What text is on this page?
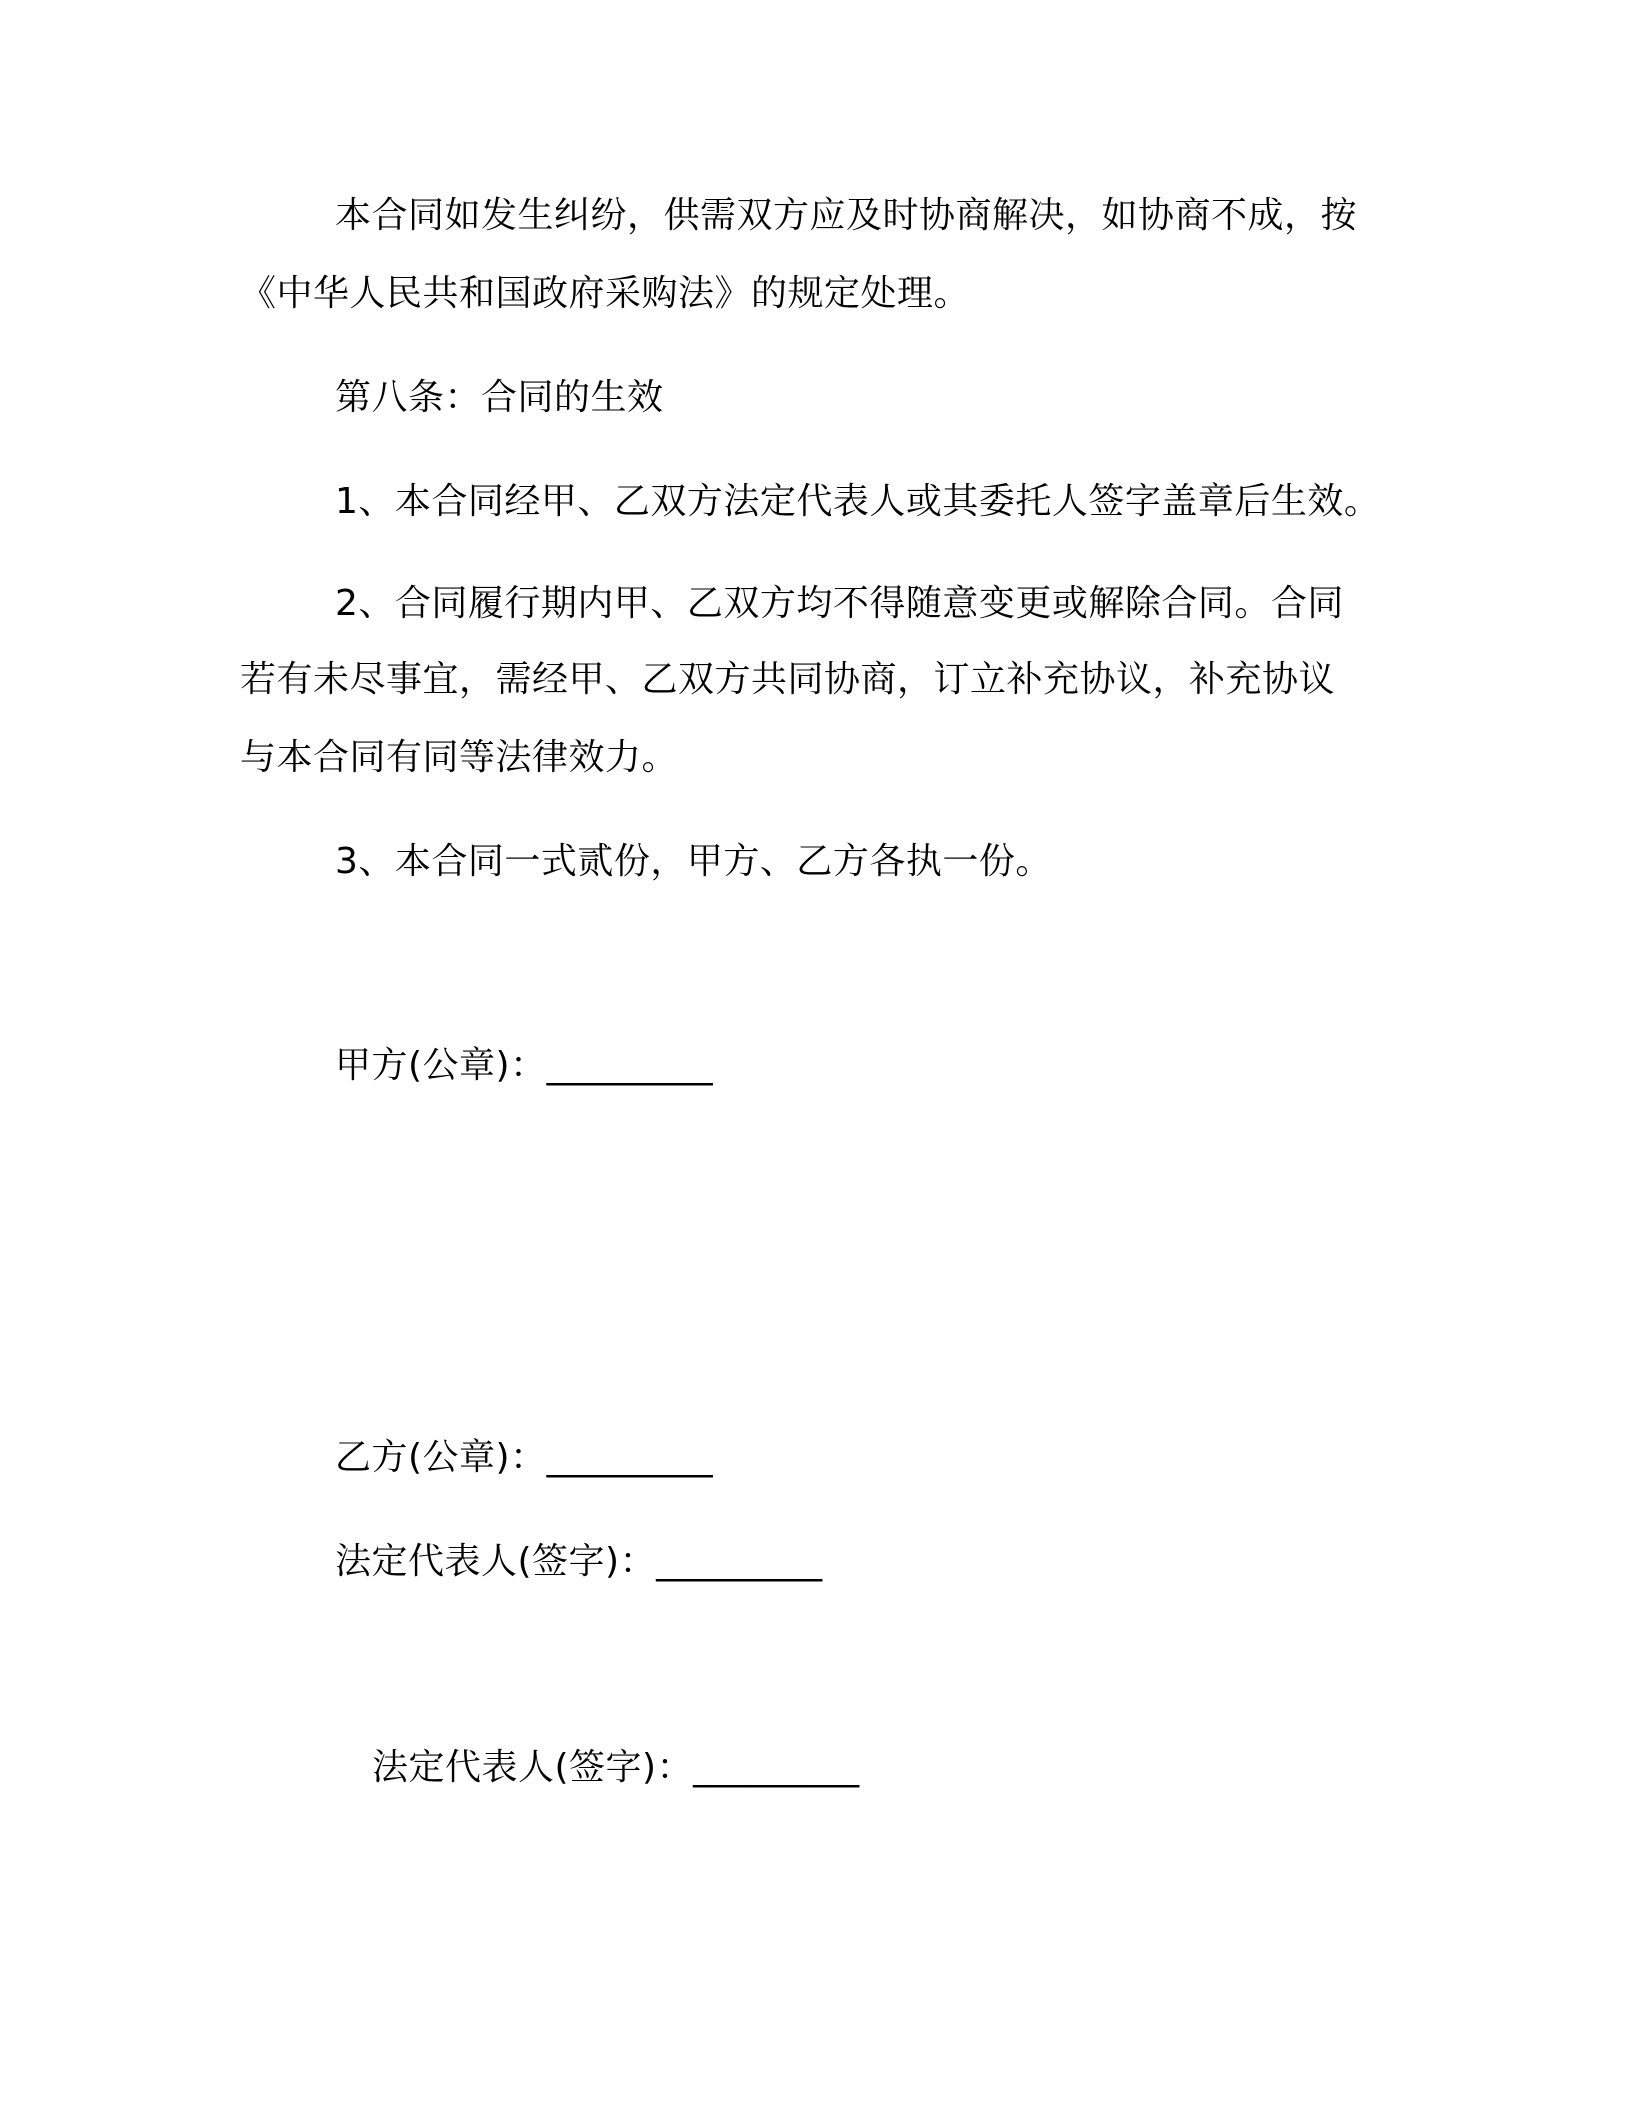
本合同如发生纠纷，供需双方应及时协商解决，如协商不成，按

《中华人民共和国政府采购法》的规定处理。

第八条：合同的生效

1、本合同经甲、乙双方法定代表人或其委托人签字盖章后生效。

2、合同履行期内甲、乙双方均不得随意变更或解除合同。合同

若有未尽事宜，需经甲、乙双方共同协商，订立补充协议，补充协议

与本合同有同等法律效力。

3、本合同一式贰份，甲方、乙方各执一份。

甲方(公章)：_________

乙方(公章)：_________

法定代表人(签字)：_________

法定代表人(签字)：_________
